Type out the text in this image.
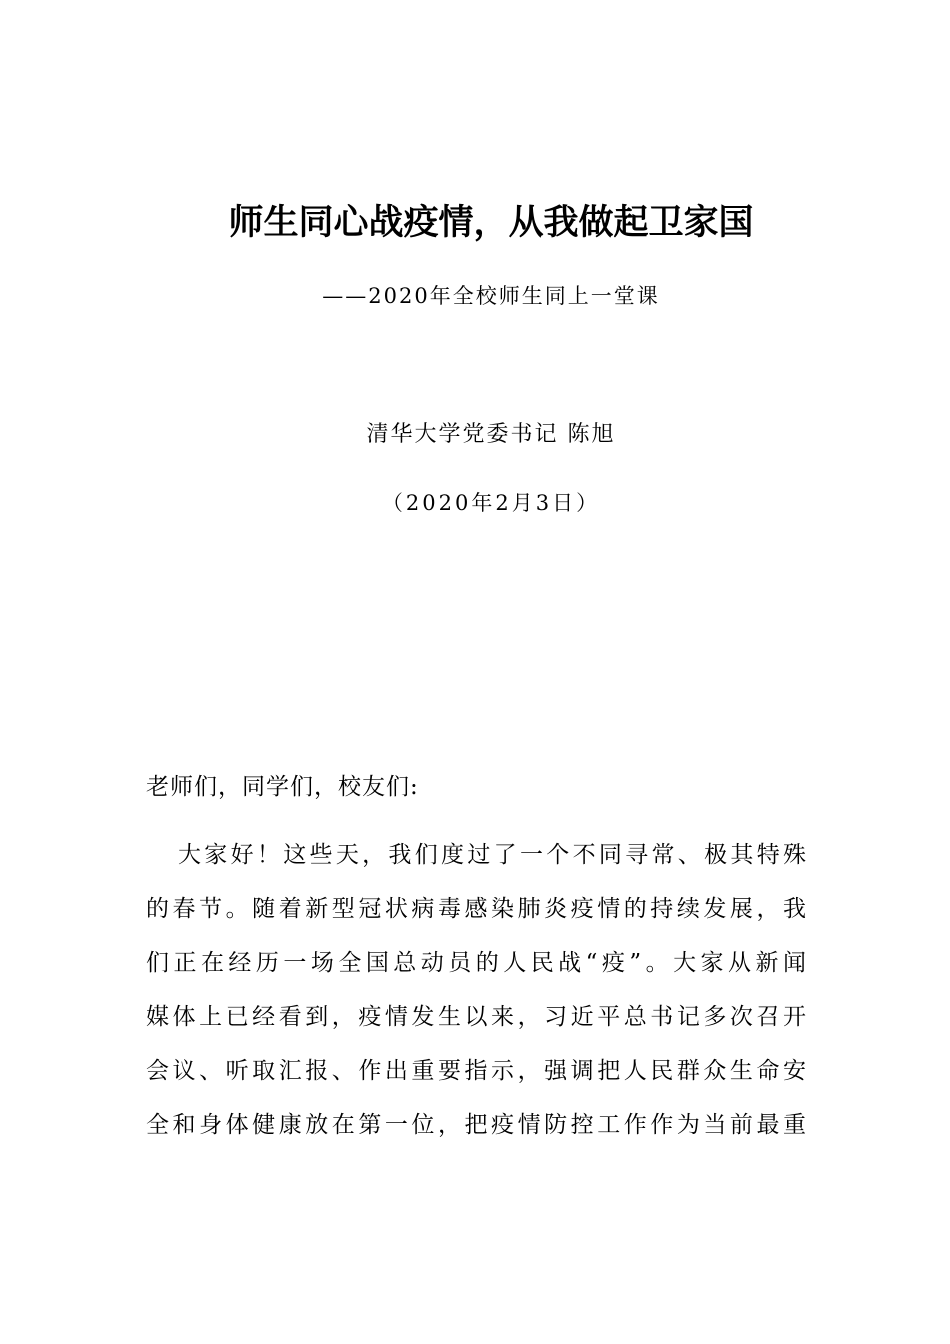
师生同心战疫情，从我做起卫家国
——2020年全校师生同上一堂课
清华大学党委书记 陈旭
（2020年2月3日）
老师们，同学们，校友们:
大家好！这些天，我们度过了一个不同寻常、极其特殊
的春节。随着新型冠状病毒感染肺炎疫情的持续发展，我
们正在经历一场全国总动员的人民战“疫”。大家从新闻
媒体上已经看到，疫情发生以来，习近平总书记多次召开
会议、听取汇报、作出重要指示，强调把人民群众生命安
全和身体健康放在第一位，把疫情防控工作作为当前最重
